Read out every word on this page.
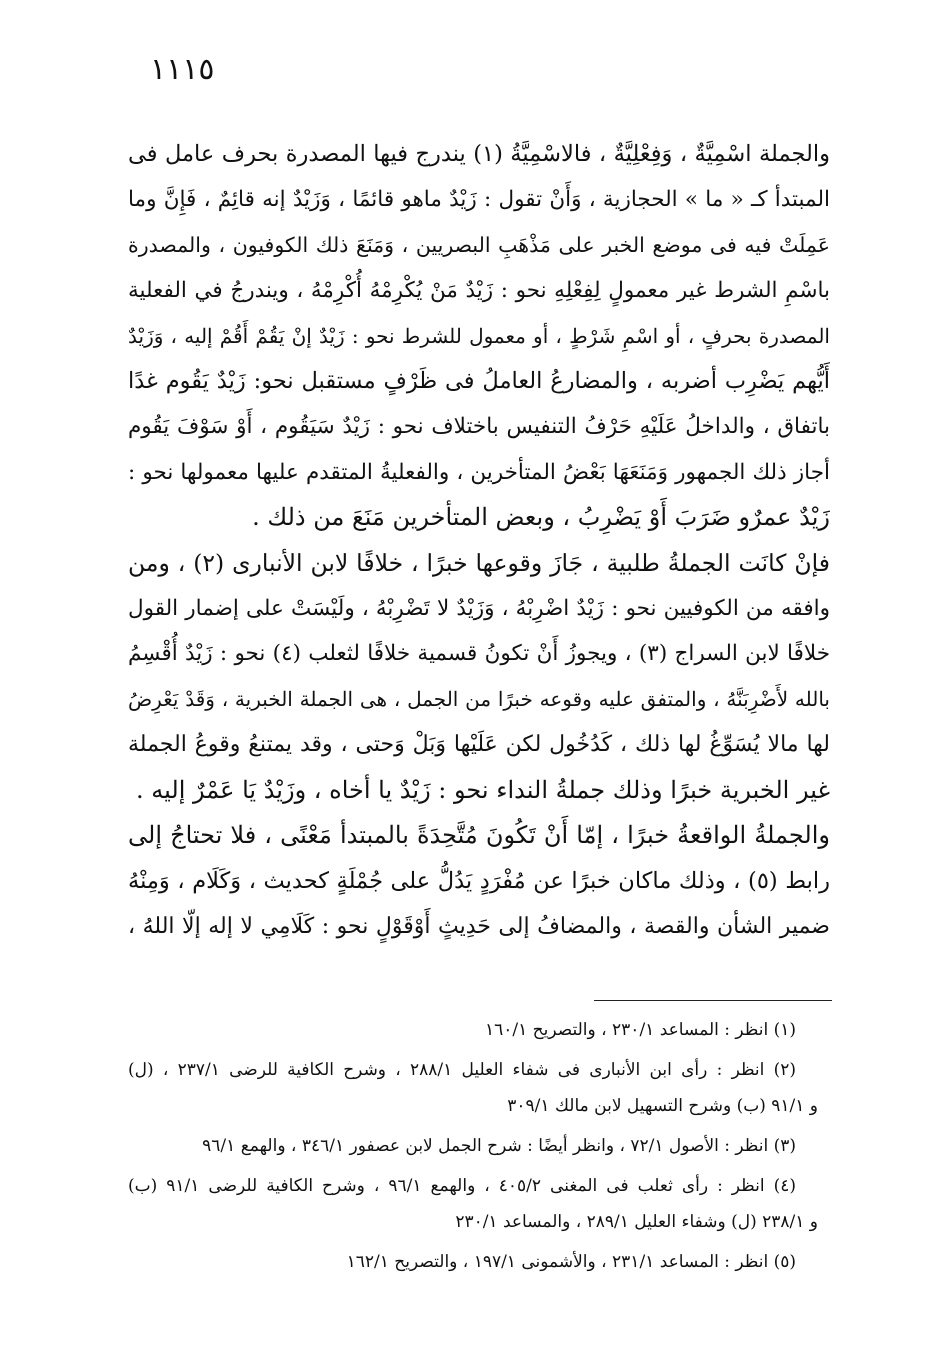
١١١٥
والجملة اسْمِيَّةٌ ، وَفِعْلِيَّةٌ ، فالاسْمِيَّةُ (١) يندرج فيها المصدرة بحرف عامل فى
المبتدأ كـ « ما » الحجازية ، وَأَنْ تقول : زَيْدٌ ماهو قائمًا ، وَزَيْدٌ إنه قائِمٌ ، فَإِنَّ وما
عَمِلَتْ فيه فى موضع الخبر على مَذْهَبِ البصريين ، وَمَنَعَ ذلك الكوفيون ، والمصدرة
باسْمِ الشرط غير معمولٍ لِفِعْلِهِ نحو : زَيْدٌ مَنْ يُكْرِمْهُ أُكْرِمْهُ ، ويندرجُ في الفعلية
المصدرة بحرفٍ ، أو اسْمِ شَرْطٍ ، أو معمول للشرط نحو : زَيْدٌ إنْ يَقُمْ أَقُمْ إليه ، وَزَيْدٌ
أَيُّهم يَضْرِب أضربه ، والمضارعُ العاملُ فى ظَرْفٍ مستقبل نحو: زَيْدٌ يَقُوم غدًا
باتفاق ، والداخلُ عَلَيْهِ حَرْفُ التنفيس باختلاف نحو : زَيْدٌ سَيَقُوم ، أَوْ سَوْفَ يَقُوم
أجاز ذلك الجمهور وَمَنَعَهَا بَعْضُ المتأخرين ، والفعليةُ المتقدم عليها معمولها نحو :
زَيْدٌ عمرٌو ضَرَبَ أَوْ يَضْرِبُ ، وبعض المتأخرين مَنَعَ من ذلك .
فإنْ كانَت الجملةُ طلبية ، جَازَ وقوعها خبرًا ، خلافًا لابن الأنبارى (٢) ، ومن
وافقه من الكوفيين نحو : زَيْدٌ اضْرِبْهُ ، وَزَيْدٌ لا تَضْرِبْهُ ، ولَيْسَتْ على إضمار القول
خلافًا لابن السراج (٣) ، ويجوزُ أَنْ تكونُ قسمية خلافًا لثعلب (٤) نحو : زَيْدٌ أُقْسِمُ
بالله لأَضْرِبَنَّهُ ، والمتفق عليه وقوعه خبرًا من الجمل ، هى الجملة الخبرية ، وَقَدْ يَعْرِضُ
لها مالا يُسَوِّغُ لها ذلك ، كَدُخُول لكن عَلَيْها وَبَلْ وَحتى ، وقد يمتنعُ وقوعُ الجملة
غير الخبرية خبرًا وذلك جملةُ النداء نحو : زَيْدٌ يا أخاه ، وزَيْدٌ يَا عَمْرٌ إليه .
والجملةُ الواقعةُ خبرًا ، إمّا أَنْ تَكُونَ مُتَّحِدَةً بالمبتدأ مَعْنًى ، فلا تحتاجُ إلى
رابط (٥) ، وذلك ماكان خبرًا عن مُفْرَدٍ يَدُلُّ على جُمْلَةٍ كحديث ، وَكَلَام ، وَمِنْهُ
ضمير الشأن والقصة ، والمضافُ إلى حَدِيثٍ أَوْقَوْلٍ نحو : كَلَامِي لا إله إلّا اللهُ ،
(١) انظر : المساعد ٢٣٠/١ ، والتصريح ١٦٠/١
(٢) انظر : رأى ابن الأنبارى فى شفاء العليل ٢٨٨/١ ، وشرح الكافية للرضى ٢٣٧/١ ، (ل)
و ٩١/١ (ب) وشرح التسهيل لابن مالك ٣٠٩/١
(٣) انظر : الأصول ٧٢/١ ، وانظر أيضًا : شرح الجمل لابن عصفور ٣٤٦/١ ، والهمع ٩٦/١
(٤) انظر : رأى ثعلب فى المغنى ٤٠٥/٢ ، والهمع ٩٦/١ ، وشرح الكافية للرضى ٩١/١ (ب)
و ٢٣٨/١ (ل) وشفاء العليل ٢٨٩/١ ، والمساعد ٢٣٠/١
(٥) انظر : المساعد ٢٣١/١ ، والأشمونى ١٩٧/١ ، والتصريح ١٦٢/١
